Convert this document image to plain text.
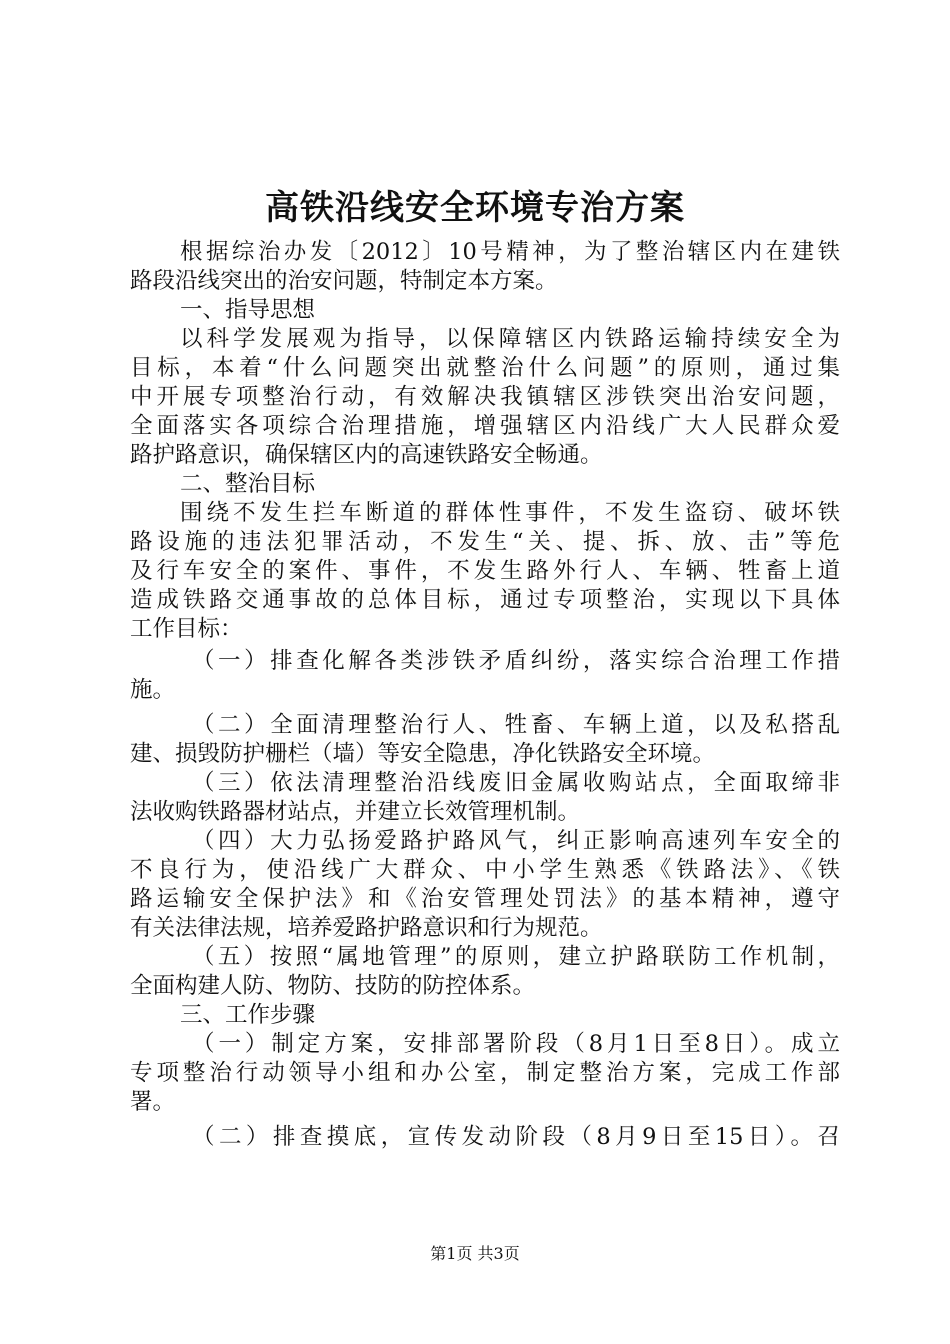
高铁沿线安全环境专治方案
根据综治办发〔2012〕10号精神，为了整治辖区内在建铁
路段沿线突出的治安问题，特制定本方案。
一、指导思想
以科学发展观为指导，以保障辖区内铁路运输持续安全为
目标，本着“什么问题突出就整治什么问题”的原则，通过集
中开展专项整治行动，有效解决我镇辖区涉铁突出治安问题，
全面落实各项综合治理措施，增强辖区内沿线广大人民群众爱
路护路意识，确保辖区内的高速铁路安全畅通。
二、整治目标
围绕不发生拦车断道的群体性事件，不发生盗窃、破坏铁
路设施的违法犯罪活动，不发生“关、提、拆、放、击”等危
及行车安全的案件、事件，不发生路外行人、车辆、牲畜上道
造成铁路交通事故的总体目标，通过专项整治，实现以下具体
工作目标：
（一）排查化解各类涉铁矛盾纠纷，落实综合治理工作措
施。
（二）全面清理整治行人、牲畜、车辆上道，以及私搭乱
建、损毁防护栅栏（墙）等安全隐患，净化铁路安全环境。
（三）依法清理整治沿线废旧金属收购站点，全面取缔非
法收购铁路器材站点，并建立长效管理机制。
（四）大力弘扬爱路护路风气，纠正影响高速列车安全的
不良行为，使沿线广大群众、中小学生熟悉《铁路法》、《铁
路运输安全保护法》和《治安管理处罚法》的基本精神，遵守
有关法律法规，培养爱路护路意识和行为规范。
（五）按照“属地管理”的原则，建立护路联防工作机制，
全面构建人防、物防、技防的防控体系。
三、工作步骤
（一）制定方案，安排部署阶段（8月1日至8日）。成立
专项整治行动领导小组和办公室，制定整治方案，完成工作部
署。
（二）排查摸底，宣传发动阶段（8月9日至15日）。召
第1页 共3页
